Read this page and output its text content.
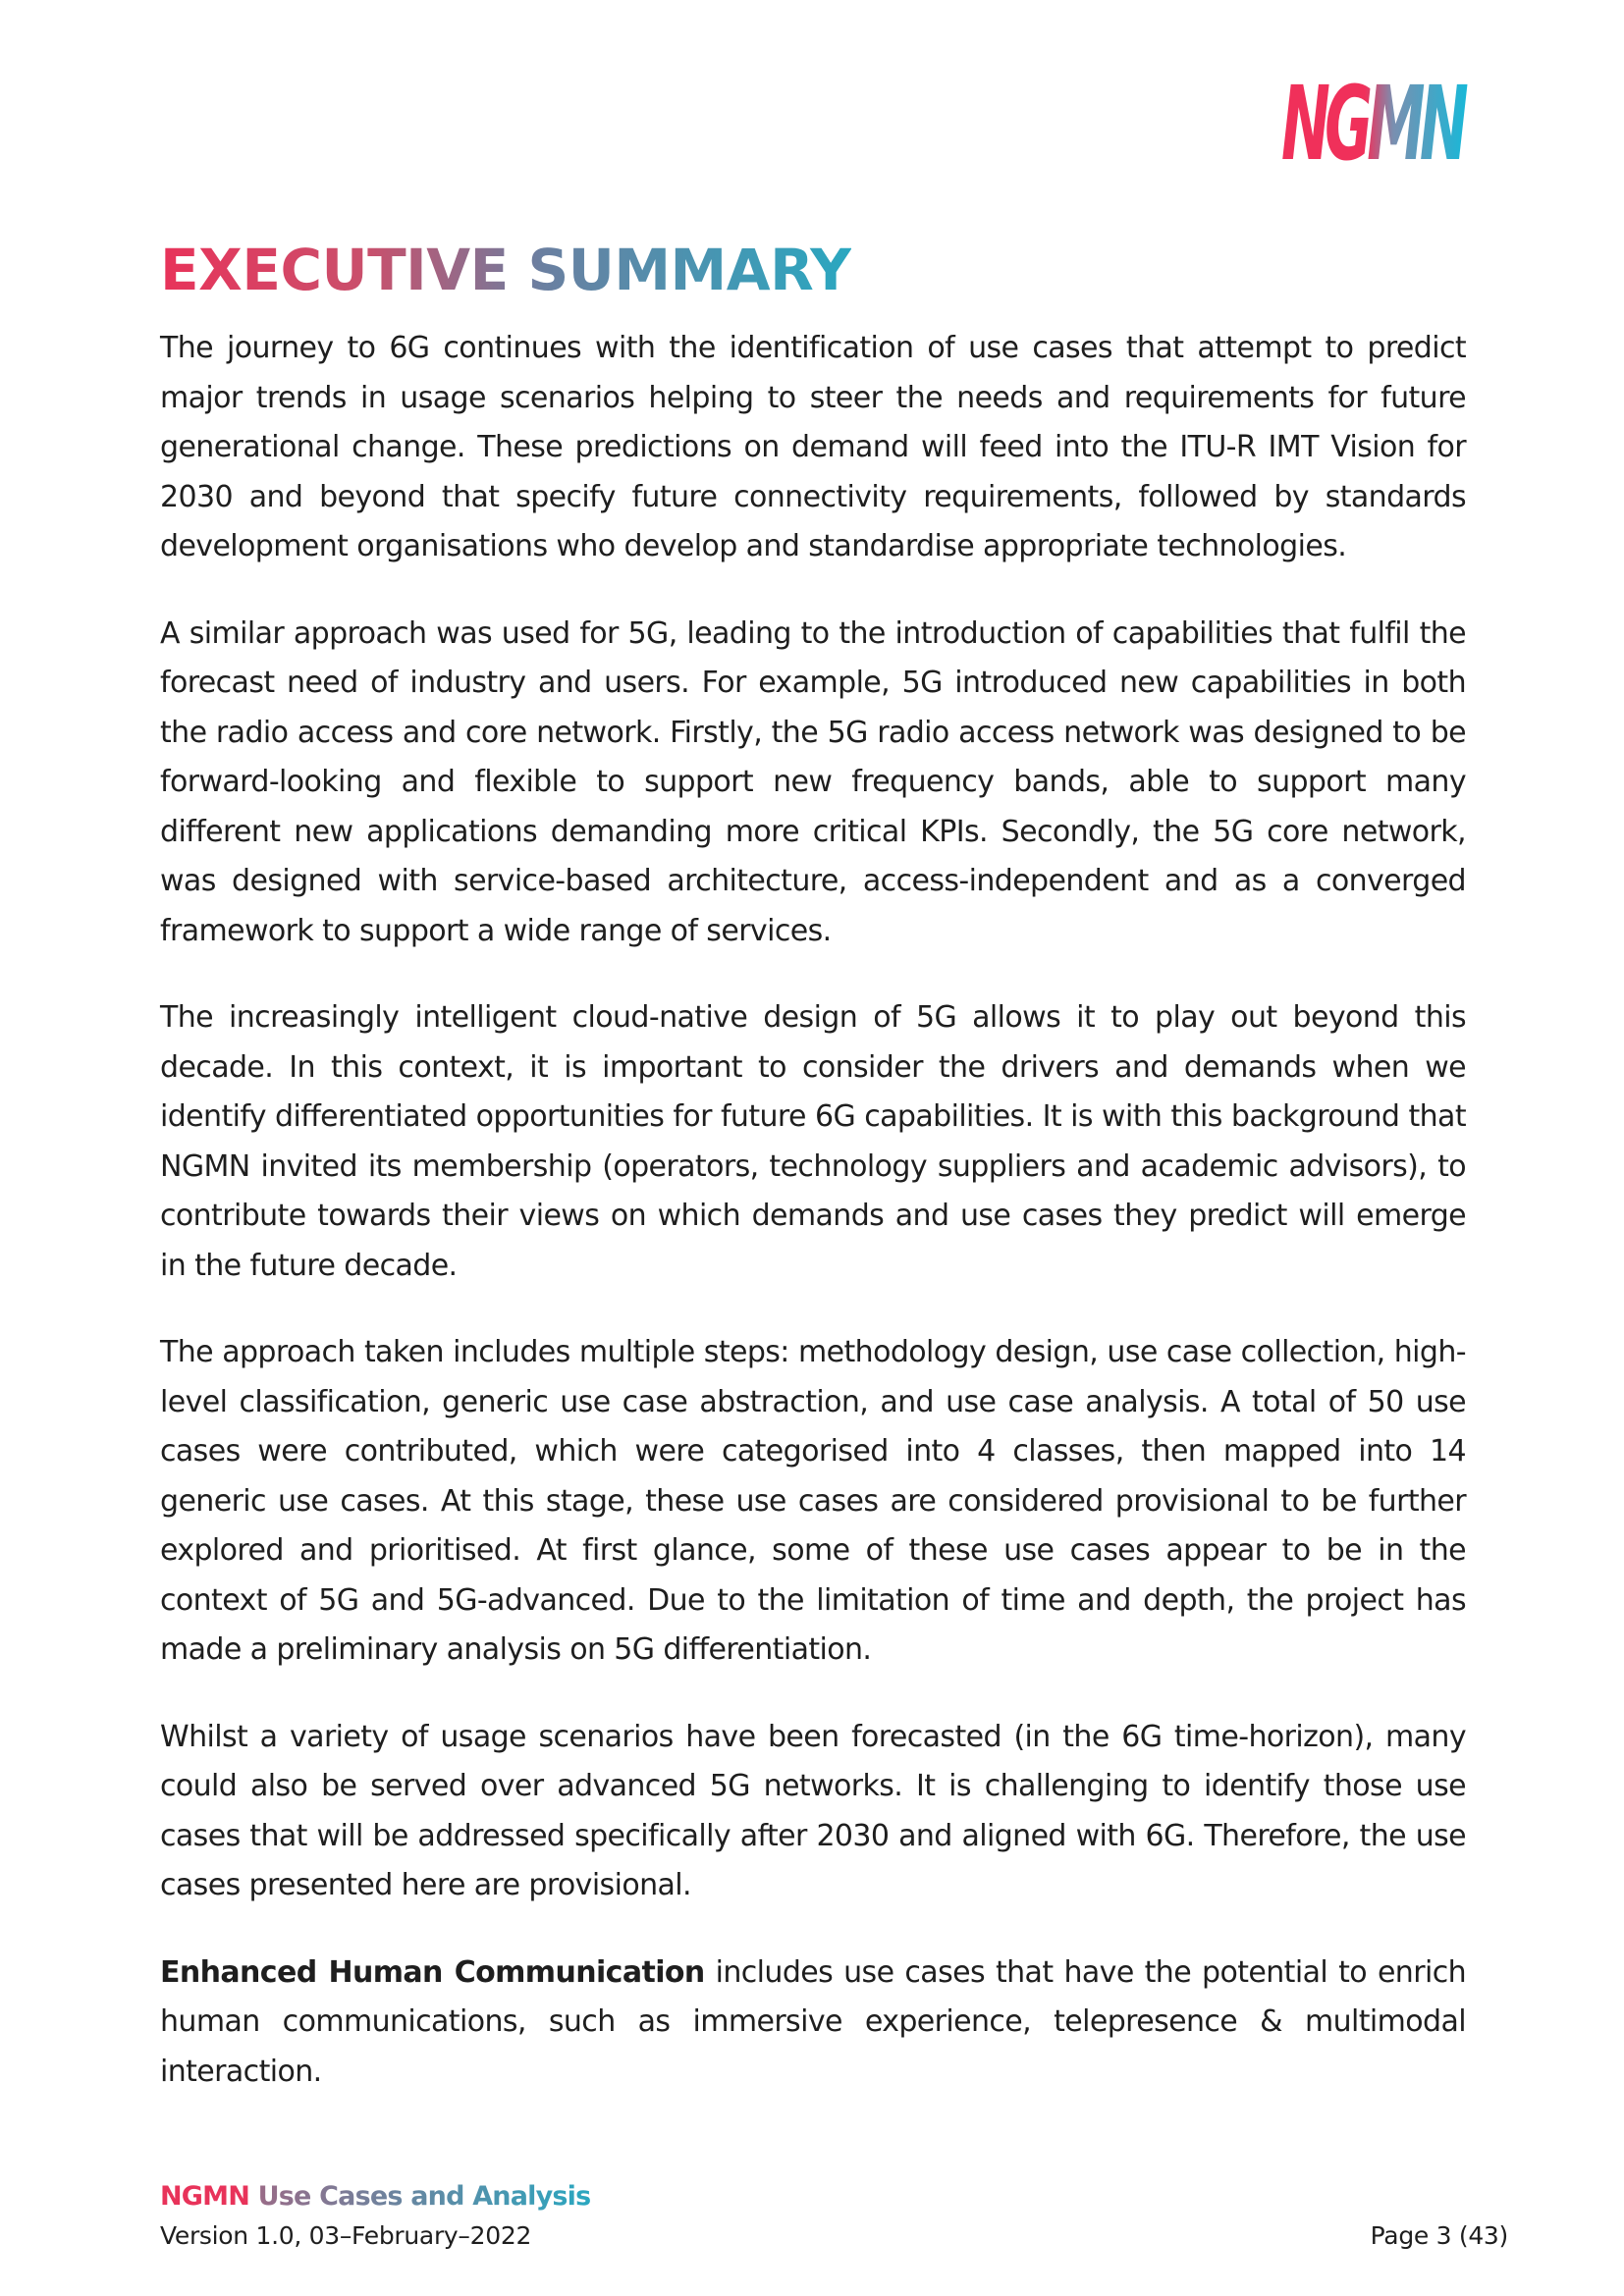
NGMN
EXECUTIVE SUMMARY

The journey to 6G continues with the identification of use cases that attempt to predict major trends in usage scenarios helping to steer the needs and requirements for future generational change. These predictions on demand will feed into the ITU-R IMT Vision for 2030 and beyond that specify future connectivity requirements, followed by standards development organisations who develop and standardise appropriate technologies.

A similar approach was used for 5G, leading to the introduction of capabilities that fulfil the forecast need of industry and users. For example, 5G introduced new capabilities in both the radio access and core network. Firstly, the 5G radio access network was designed to be forward-looking and flexible to support new frequency bands, able to support many different new applications demanding more critical KPIs. Secondly, the 5G core network, was designed with service-based architecture, access-independent and as a converged framework to support a wide range of services.

The increasingly intelligent cloud-native design of 5G allows it to play out beyond this decade. In this context, it is important to consider the drivers and demands when we identify differentiated opportunities for future 6G capabilities. It is with this background that NGMN invited its membership (operators, technology suppliers and academic advisors), to contribute towards their views on which demands and use cases they predict will emerge in the future decade.

The approach taken includes multiple steps: methodology design, use case collection, high-level classification, generic use case abstraction, and use case analysis. A total of 50 use cases were contributed, which were categorised into 4 classes, then mapped into 14 generic use cases. At this stage, these use cases are considered provisional to be further explored and prioritised. At first glance, some of these use cases appear to be in the context of 5G and 5G-advanced. Due to the limitation of time and depth, the project has made a preliminary analysis on 5G differentiation.

Whilst a variety of usage scenarios have been forecasted (in the 6G time-horizon), many could also be served over advanced 5G networks. It is challenging to identify those use cases that will be addressed specifically after 2030 and aligned with 6G. Therefore, the use cases presented here are provisional.

Enhanced Human Communication includes use cases that have the potential to enrich human communications, such as immersive experience, telepresence & multimodal interaction.

NGMN Use Cases and Analysis
Version 1.0, 03–February–2022	Page 3 (43)
